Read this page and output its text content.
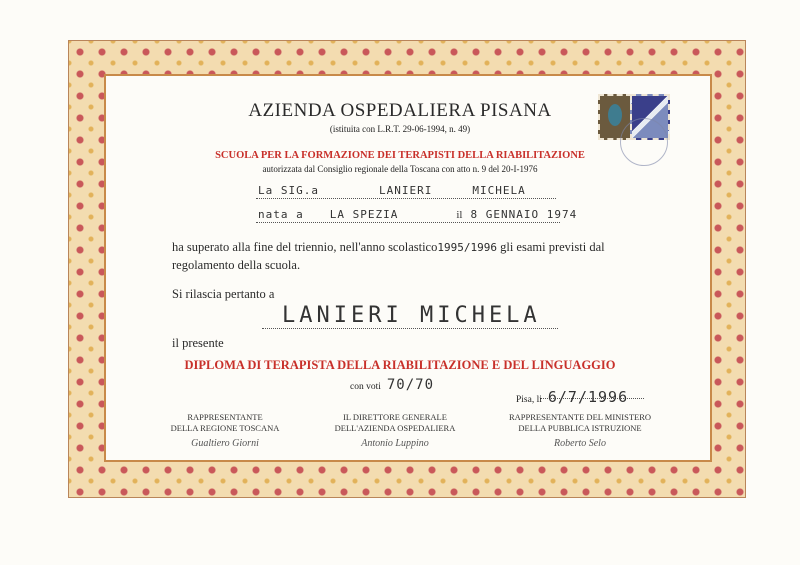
AZIENDA OSPEDALIERA PISANA
(istituita con L.R.T. 29-06-1994, n. 49)
SCUOLA PER LA FORMAZIONE DEI TERAPISTI DELLA RIABILITAZIONE
autorizzata dal Consiglio regionale della Toscana con atto n. 9 del 20-I-1976
La SIG.a	LANIERI	MICHELA
nata a LA SPEZIA	il 8 GENNAIO 1974
ha superato alla fine del triennio, nell'anno scolastico1995/1996 gli esami previsti dal
regolamento della scuola.
Si rilascia pertanto a
LANIERI MICHELA
il presente
DIPLOMA DI TERAPISTA DELLA RIABILITAZIONE E DEL LINGUAGGIO
con voti 70/70
Pisa, li 6/7/1996
RAPPRESENTANTE
DELLA REGIONE TOSCANA
Gualtiero Giorni
IL DIRETTORE GENERALE
DELL'AZIENDA OSPEDALIERA
Antonio Luppino
RAPPRESENTANTE DEL MINISTERO
DELLA PUBBLICA ISTRUZIONE
Roberto Selo
